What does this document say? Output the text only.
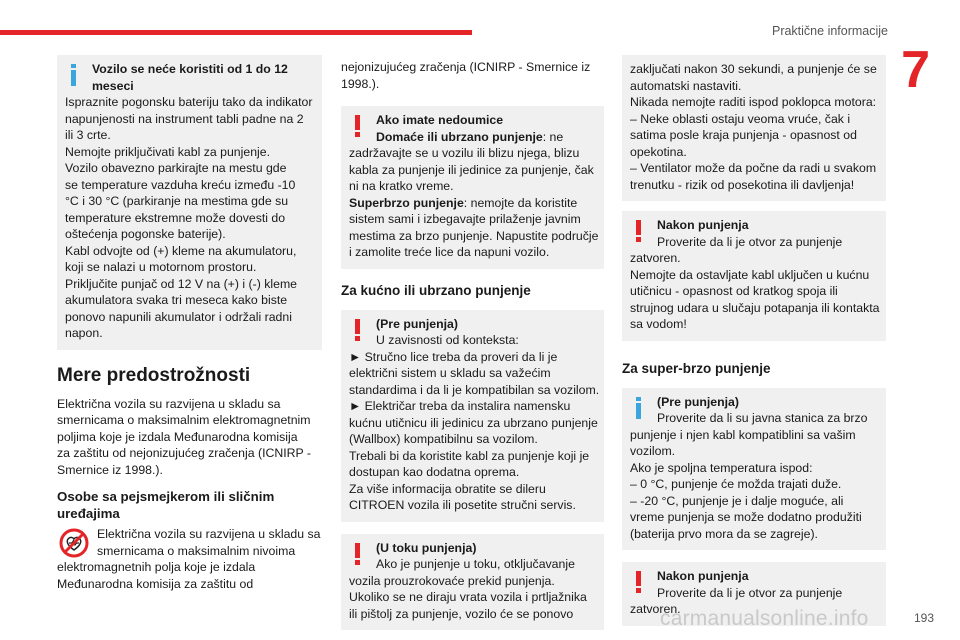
Praktične informacije
7
Vozilo se neće koristiti od 1 do 12
meseci
Ispraznite pogonsku bateriju tako da indikator
napunjenosti na instrument tabli padne na 2
ili 3 crte.
Nemojte priključivati kabl za punjenje.
Vozilo obavezno parkirajte na mestu gde
se temperature vazduha kreću između -10
°C i 30 °C (parkiranje na mestima gde su
temperature ekstremne može dovesti do
oštećenja pogonske baterije).
Kabl odvojte od (+) kleme na akumulatoru,
koji se nalazi u motornom prostoru.
Priključite punjač od 12 V na (+) i (-) kleme
akumulatora svaka tri meseca kako biste
ponovo napunili akumulator i održali radni
napon.
Mere predostrožnosti
Električna vozila su razvijena u skladu sa
smernicama o maksimalnim elektromagnetnim
poljima koje je izdala Međunarodna komisija
za zaštitu od nejonizujućeg zračenja (ICNIRP -
Smernice iz 1998.).
Osobe sa pejsmejkerom ili sličnim
uređajima
Električna vozila su razvijena u skladu sa
smernicama o maksimalnim nivoima
elektromagnetnih polja koje je izdala
Međunarodna komisija za zaštitu od
nejonizujućeg zračenja (ICNIRP - Smernice iz
1998.).
Ako imate nedoumice
Domaće ili ubrzano punjenje: ne
zadržavajte se u vozilu ili blizu njega, blizu
kabla za punjenje ili jedinice za punjenje, čak
ni na kratko vreme.
Superbrzo punjenje: nemojte da koristite
sistem sami i izbegavajte prilaženje javnim
mestima za brzo punjenje. Napustite područje
i zamolite treće lice da napuni vozilo.
Za kućno ili ubrzano punjenje
(Pre punjenja)
U zavisnosti od konteksta:
► Stručno lice treba da proveri da li je
električni sistem u skladu sa važećim
standardima i da li je kompatibilan sa vozilom.
► Električar treba da instalira namensku
kućnu utičnicu ili jedinicu za ubrzano punjenje
(Wallbox) kompatibilnu sa vozilom.
Trebali bi da koristite kabl za punjenje koji je
dostupan kao dodatna oprema.
Za više informacija obratite se dileru
CITROEN vozila ili posetite stručni servis.
(U toku punjenja)
Ako je punjenje u toku, otključavanje
vozila prouzrokovaće prekid punjenja.
Ukoliko se ne diraju vrata vozila i prtljažnika
ili pištolj za punjenje, vozilo će se ponovo
zaključati nakon 30 sekundi, a punjenje će se
automatski nastaviti.
Nikada nemojte raditi ispod poklopca motora:
– Neke oblasti ostaju veoma vruće, čak i
satima posle kraja punjenja - opasnost od
opekotina.
– Ventilator može da počne da radi u svakom
trenutku - rizik od posekotina ili davljenja!
Nakon punjenja
Proverite da li je otvor za punjenje
zatvoren.
Nemojte da ostavljate kabl uključen u kućnu
utičnicu - opasnost od kratkog spoja ili
strujnog udara u slučaju potapanja ili kontakta
sa vodom!
Za super-brzo punjenje
(Pre punjenja)
Proverite da li su javna stanica za brzo
punjenje i njen kabl kompatiblini sa vašim
vozilom.
Ako je spoljna temperatura ispod:
– 0 °C, punjenje će možda trajati duže.
– -20 °C, punjenje je i dalje moguće, ali
vreme punjenja se može dodatno produžiti
(baterija prvo mora da se zagreje).
Nakon punjenja
Proverite da li je otvor za punjenje
zatvoren.
carmanualsonline.info	193
